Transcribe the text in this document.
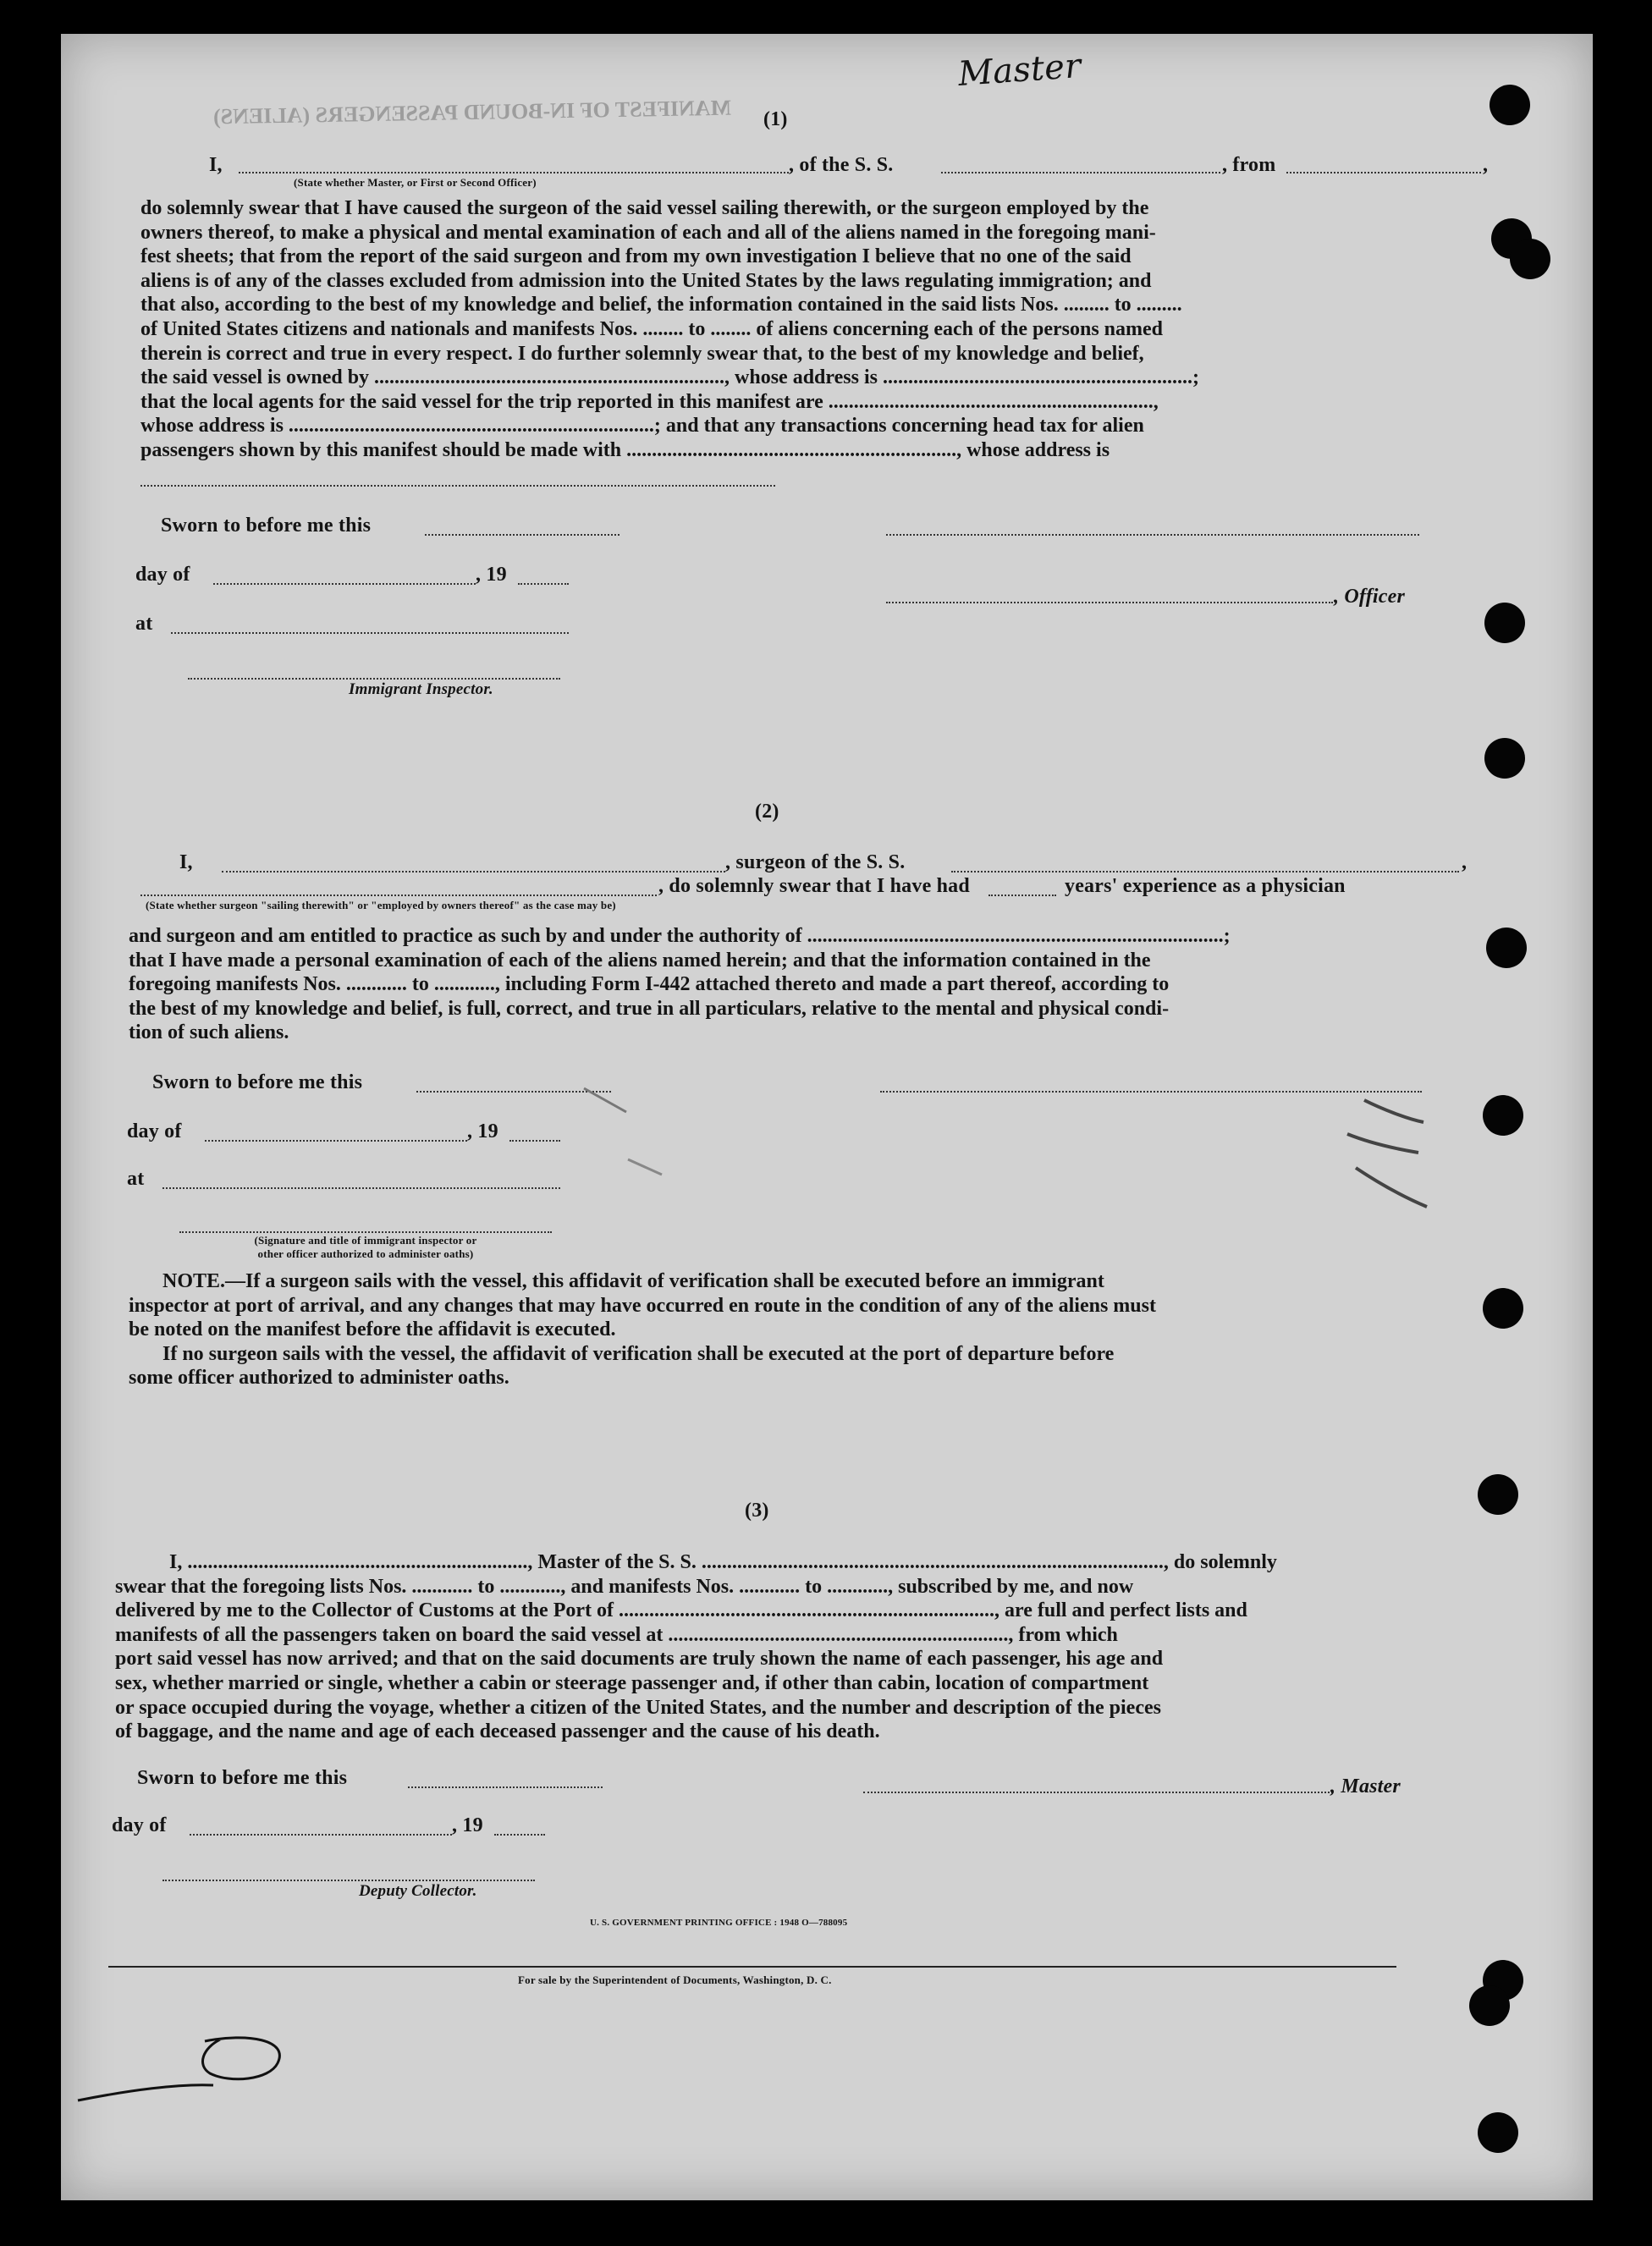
Master
MANIFEST OF IN-BOUND PASSENGERS (ALIENS) (1)
I,	, of the S. S.	, from	,
(State whether Master, or First or Second Officer)
do solemnly swear that I have caused the surgeon of the said vessel sailing therewith, or the surgeon employed by the
owners thereof, to make a physical and mental examination of each and all of the aliens named in the foregoing mani-
fest sheets; that from the report of the said surgeon and from my own investigation I believe that no one of the said
aliens is of any of the classes excluded from admission into the United States by the laws regulating immigration; and
that also, according to the best of my knowledge and belief, the information contained in the said lists Nos. ......... to .........
of United States citizens and nationals and manifests Nos. ........ to ........ of aliens concerning each of the persons named
therein is correct and true in every respect. I do further solemnly swear that, to the best of my knowledge and belief,
the said vessel is owned by ....................................................................., whose address is .............................................................;
that the local agents for the said vessel for the trip reported in this manifest are ................................................................,
whose address is ........................................................................; and that any transactions concerning head tax for alien
passengers shown by this manifest should be made with ................................................................., whose address is
Sworn to before me this
day of	, 19
, Officer
at
Immigrant Inspector.
(2)
I,	, surgeon of the S. S.	,
, do solemnly swear that I have had	years' experience as a physician
(State whether surgeon "sailing therewith" or "employed by owners thereof" as the case may be)
and surgeon and am entitled to practice as such by and under the authority of ..................................................................................;
that I have made a personal examination of each of the aliens named herein; and that the information contained in the
foregoing manifests Nos. ............ to ............, including Form I-442 attached thereto and made a part thereof, according to
the best of my knowledge and belief, is full, correct, and true in all particulars, relative to the mental and physical condi-
tion of such aliens.
Sworn to before me this
day of	, 19
at
(Signature and title of immigrant inspector or
other officer authorized to administer oaths)
NOTE.—If a surgeon sails with the vessel, this affidavit of verification shall be executed before an immigrant
inspector at port of arrival, and any changes that may have occurred en route in the condition of any of the aliens must
be noted on the manifest before the affidavit is executed.
If no surgeon sails with the vessel, the affidavit of verification shall be executed at the port of departure before
some officer authorized to administer oaths.
(3)
I, ..................................................................., Master of the S. S. ..........................................................................................., do solemnly
swear that the foregoing lists Nos. ............ to ............, and manifests Nos. ............ to ............, subscribed by me, and now
delivered by me to the Collector of Customs at the Port of .........................................................................., are full and perfect lists and
manifests of all the passengers taken on board the said vessel at ..................................................................., from which
port said vessel has now arrived; and that on the said documents are truly shown the name of each passenger, his age and
sex, whether married or single, whether a cabin or steerage passenger and, if other than cabin, location of compartment
or space occupied during the voyage, whether a citizen of the United States, and the number and description of the pieces
of baggage, and the name and age of each deceased passenger and the cause of his death.
Sworn to before me this	, Master
day of	, 19
Deputy Collector.
U. S. GOVERNMENT PRINTING OFFICE : 1948 O—788095
For sale by the Superintendent of Documents, Washington, D. C.
